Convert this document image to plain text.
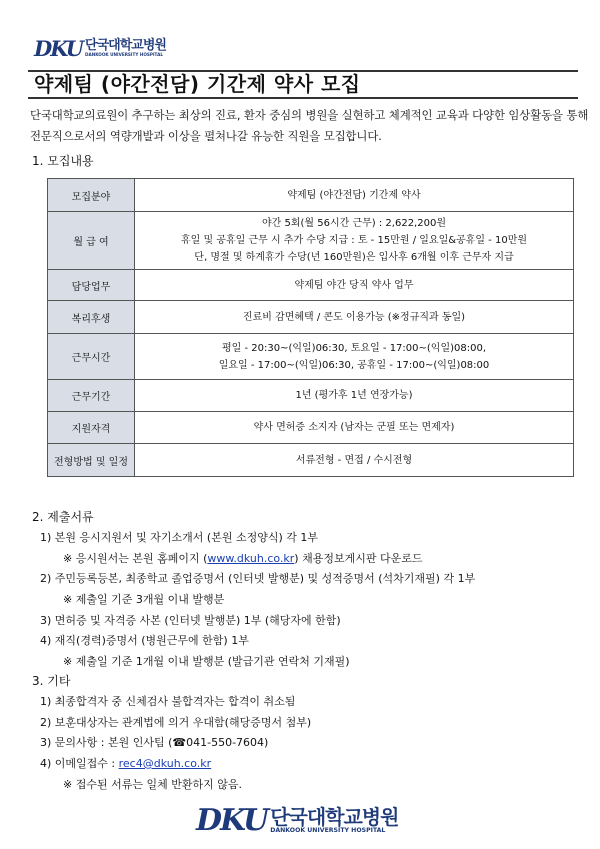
DKU 단국대학교병원
DANKOOK UNIVERSITY HOSPITAL
약제팀 (야간전담) 기간제 약사 모집
단국대학교의료원이 추구하는 최상의 진료, 환자 중심의 병원을 실현하고 체계적인 교육과 다양한 임상활동을 통해 전문직으로서의 역량개발과 이상을 펼쳐나갈 유능한 직원을 모집합니다.
1. 모집내용
모집분야	약제팀 (야간전담) 기간제 약사

월 급 여	야간 5회(월 56시간 근무) : 2,622,200원
휴일 및 공휴일 근무 시 추가 수당 지급 : 토 - 15만원 / 일요일&공휴일 - 10만원
단, 명절 및 하계휴가 수당(년 160만원)은 입사후 6개월 이후 근무자 지급

담당업무	약제팀 야간 당직 약사 업무

복리후생	진료비 감면혜택 / 콘도 이용가능 (※정규직과 동일)

근무시간	평일 - 20:30~(익일)06:30, 토요일 - 17:00~(익일)08:00,
일요일 - 17:00~(익일)06:30, 공휴일 - 17:00~(익일)08:00

근무기간	1년 (평가후 1년 연장가능)

지원자격	약사 면허증 소지자 (남자는 군필 또는 면제자)

전형방법 및 일정	서류전형 - 면접 / 수시전형
2. 제출서류
1) 본원 응시지원서 및 자기소개서 (본원 소정양식) 각 1부
※ 응시원서는 본원 홈페이지 (www.dkuh.co.kr) 채용정보게시판 다운로드
2) 주민등록등본, 최종학교 졸업증명서 (인터넷 발행분) 및 성적증명서 (석차기재필) 각 1부
※ 제출일 기준 3개월 이내 발행분
3) 면허증 및 자격증 사본 (인터넷 발행분) 1부 (해당자에 한함)
4) 재직(경력)증명서 (병원근무에 한함) 1부
※ 제출일 기준 1개월 이내 발행분 (발급기관 연락처 기재필)
3. 기타
1) 최종합격자 중 신체검사 불합격자는 합격이 취소됨
2) 보훈대상자는 관계법에 의거 우대함(해당증명서 첨부)
3) 문의사항 : 본원 인사팀 (☎041-550-7604)
4) 이메일접수 : rec4@dkuh.co.kr
※ 접수된 서류는 일체 반환하지 않음.
DKU 단국대학교병원
DANKOOK UNIVERSITY HOSPITAL
